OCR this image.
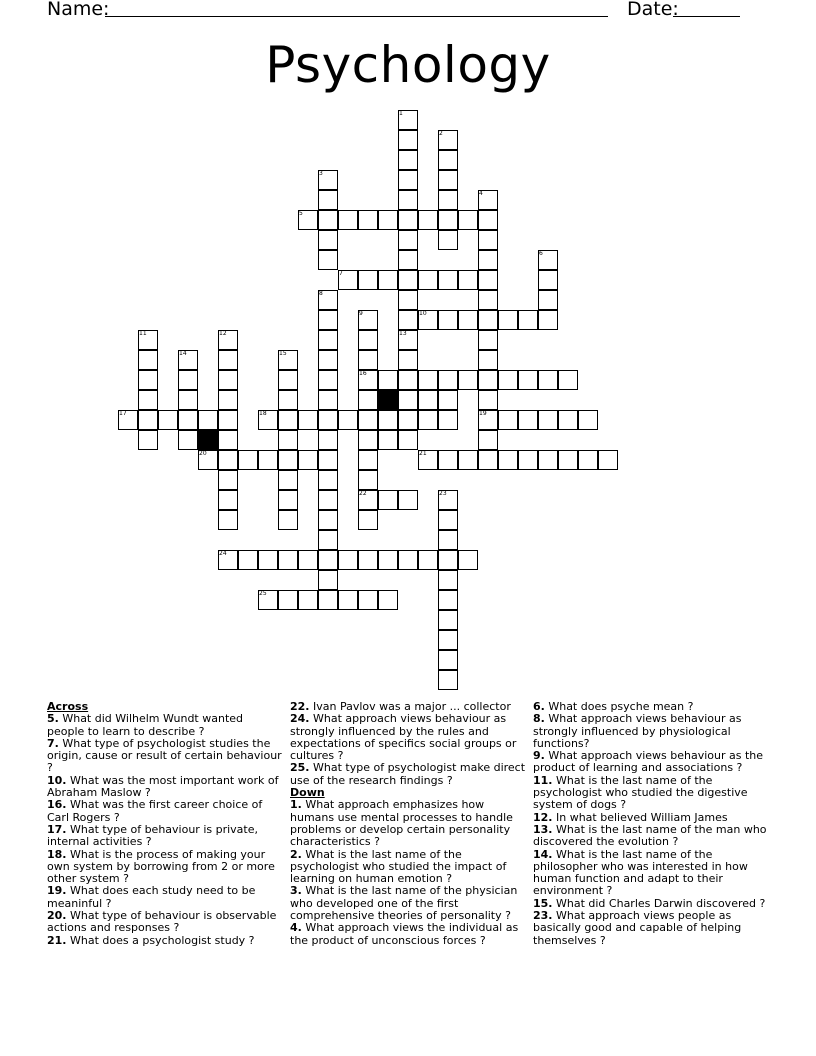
Name:	Date:
Psychology
1
2
3
4
5
6
7
8
9	10
11	12	13
14	15
16
17	18	19
20	21
22	23
24
25
Across
5. What did Wilhelm Wundt wanted people to learn to describe ?
7. What type of psychologist studies the origin, cause or result of certain behaviour ?
10. What was the most important work of Abraham Maslow ?
16. What was the first career choice of Carl Rogers ?
17. What type of behaviour is private, internal activities ?
18. What is the process of making your own system by borrowing from 2 or more other system ?
19. What does each study need to be meaninful ?
20. What type of behaviour is observable actions and responses ?
21. What does a psychologist study ?
22. Ivan Pavlov was a major ... collector
24. What approach views behaviour as strongly influenced by the rules and expectations of specifics social groups or cultures ?
25. What type of psychologist make direct use of the research findings ?
Down
1. What approach emphasizes how humans use mental processes to handle problems or develop certain personality characteristics ?
2. What is the last name of the psychologist who studied the impact of learning on human emotion ?
3. What is the last name of the physician who developed one of the first comprehensive theories of personality ?
4. What approach views the individual as the product of unconscious forces ?
6. What does psyche mean ?
8. What approach views behaviour as strongly influenced by physiological functions?
9. What approach views behaviour as the product of learning and associations ?
11. What is the last name of the psychologist who studied the digestive system of dogs ?
12. In what believed William James
13. What is the last name of the man who discovered the evolution ?
14. What is the last name of the philosopher who was interested in how human function and adapt to their environment ?
15. What did Charles Darwin discovered ?
23. What approach views people as basically good and capable of helping themselves ?
